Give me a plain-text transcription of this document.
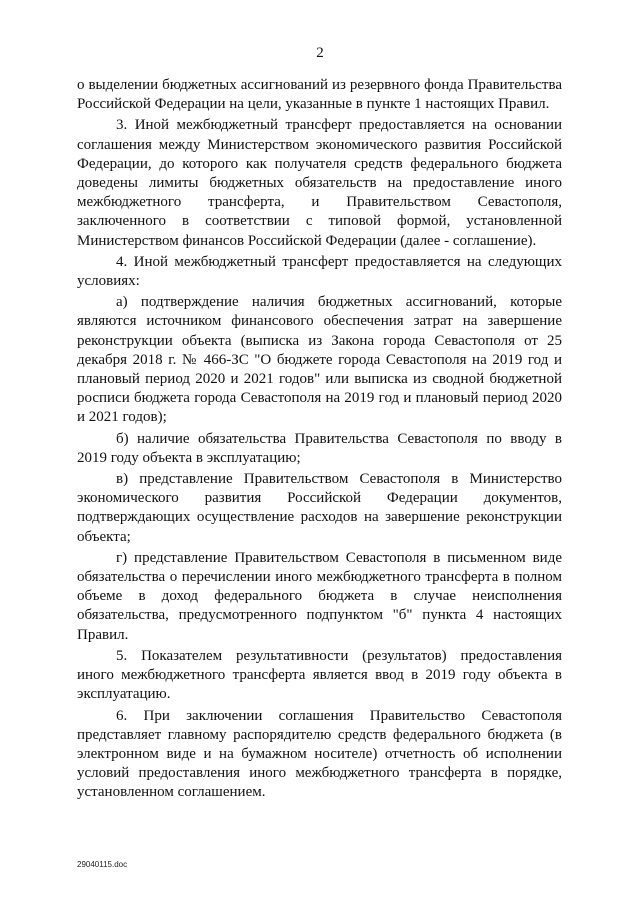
2

о выделении бюджетных ассигнований из резервного фонда Правительства Российской Федерации на цели, указанные в пункте 1 настоящих Правил.

3. Иной межбюджетный трансферт предоставляется на основании соглашения между Министерством экономического развития Российской Федерации, до которого как получателя средств федерального бюджета доведены лимиты бюджетных обязательств на предоставление иного межбюджетного трансферта, и Правительством Севастополя, заключенного в соответствии с типовой формой, установленной Министерством финансов Российской Федерации (далее - соглашение).

4. Иной межбюджетный трансферт предоставляется на следующих условиях:

а) подтверждение наличия бюджетных ассигнований, которые являются источником финансового обеспечения затрат на завершение реконструкции объекта (выписка из Закона города Севастополя от 25 декабря 2018 г. № 466-ЗС "О бюджете города Севастополя на 2019 год и плановый период 2020 и 2021 годов" или выписка из сводной бюджетной росписи бюджета города Севастополя на 2019 год и плановый период 2020 и 2021 годов);

б) наличие обязательства Правительства Севастополя по вводу в 2019 году объекта в эксплуатацию;

в) представление Правительством Севастополя в Министерство экономического развития Российской Федерации документов, подтверждающих осуществление расходов на завершение реконструкции объекта;

г) представление Правительством Севастополя в письменном виде обязательства о перечислении иного межбюджетного трансферта в полном объеме в доход федерального бюджета в случае неисполнения обязательства, предусмотренного подпунктом "б" пункта 4 настоящих Правил.

5. Показателем результативности (результатов) предоставления иного межбюджетного трансферта является ввод в 2019 году объекта в эксплуатацию.

6. При заключении соглашения Правительство Севастополя представляет главному распорядителю средств федерального бюджета (в электронном виде и на бумажном носителе) отчетность об исполнении условий предоставления иного межбюджетного трансферта в порядке, установленном соглашением.

29040115.doc
